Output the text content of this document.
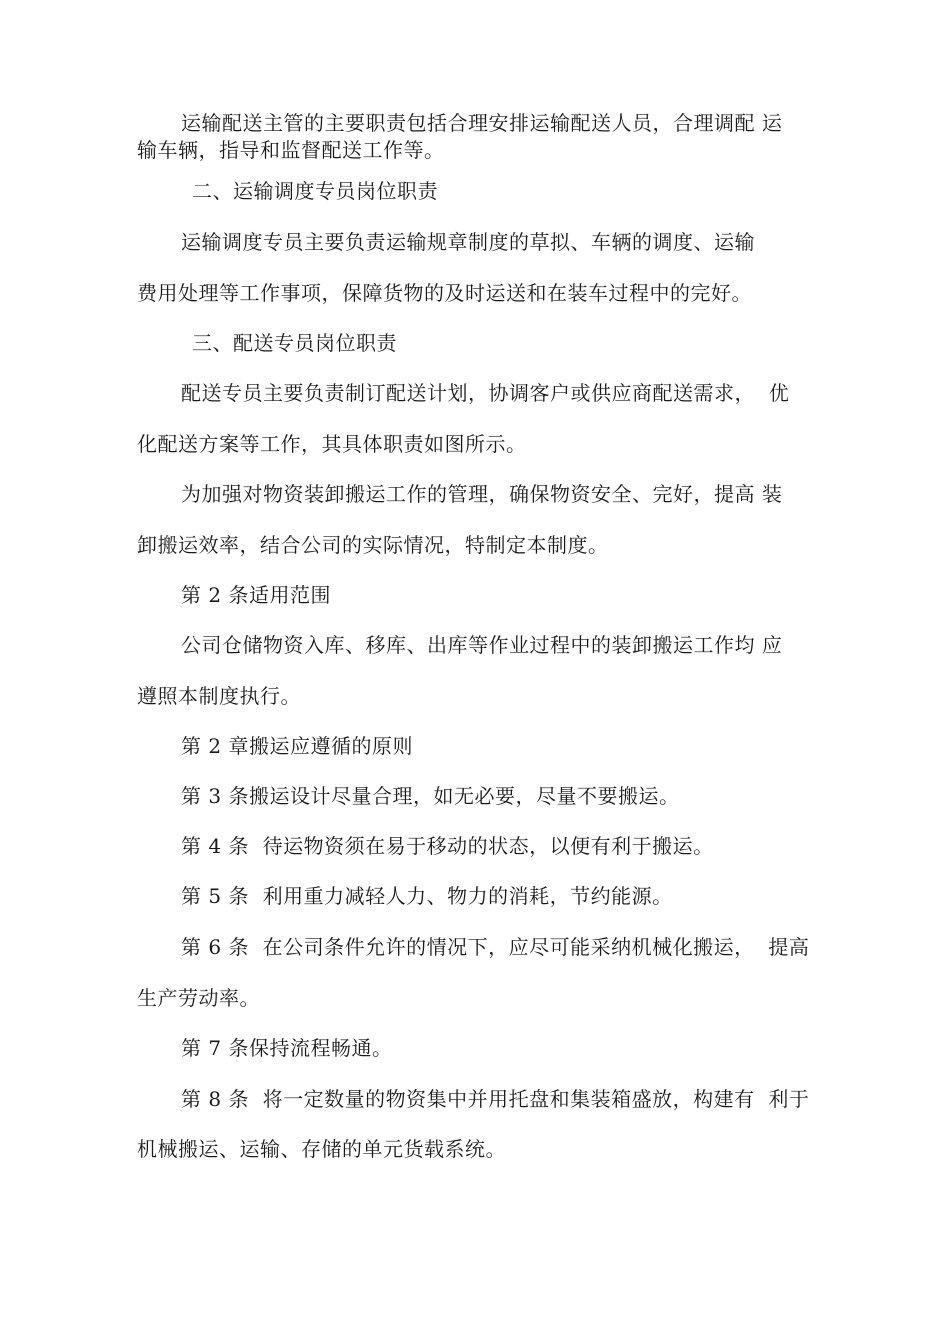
运输配送主管的主要职责包括合理安排运输配送人员，合理调配 运
输车辆，指导和监督配送工作等。
二、运输调度专员岗位职责
运输调度专员主要负责运输规章制度的草拟、车辆的调度、运输
费用处理等工作事项，保障货物的及时运送和在装车过程中的完好。
三、配送专员岗位职责
配送专员主要负责制订配送计划，协调客户或供应商配送需求，  优
化配送方案等工作，其具体职责如图所示。
为加强对物资装卸搬运工作的管理，确保物资安全、完好，提高 装
卸搬运效率，结合公司的实际情况，特制定本制度。
第 2 条适用范围
公司仓储物资入库、移库、出库等作业过程中的装卸搬运工作均 应
遵照本制度执行。
第 2 章搬运应遵循的原则
第 3 条搬运设计尽量合理，如无必要，尽量不要搬运。
第 4 条  待运物资须在易于移动的状态，以便有利于搬运。
第 5 条  利用重力减轻人力、物力的消耗，节约能源。
第 6 条  在公司条件允许的情况下，应尽可能采纳机械化搬运，  提高
生产劳动率。
第 7 条保持流程畅通。
第 8 条  将一定数量的物资集中并用托盘和集装箱盛放，构建有  利于
机械搬运、运输、存储的单元货载系统。
